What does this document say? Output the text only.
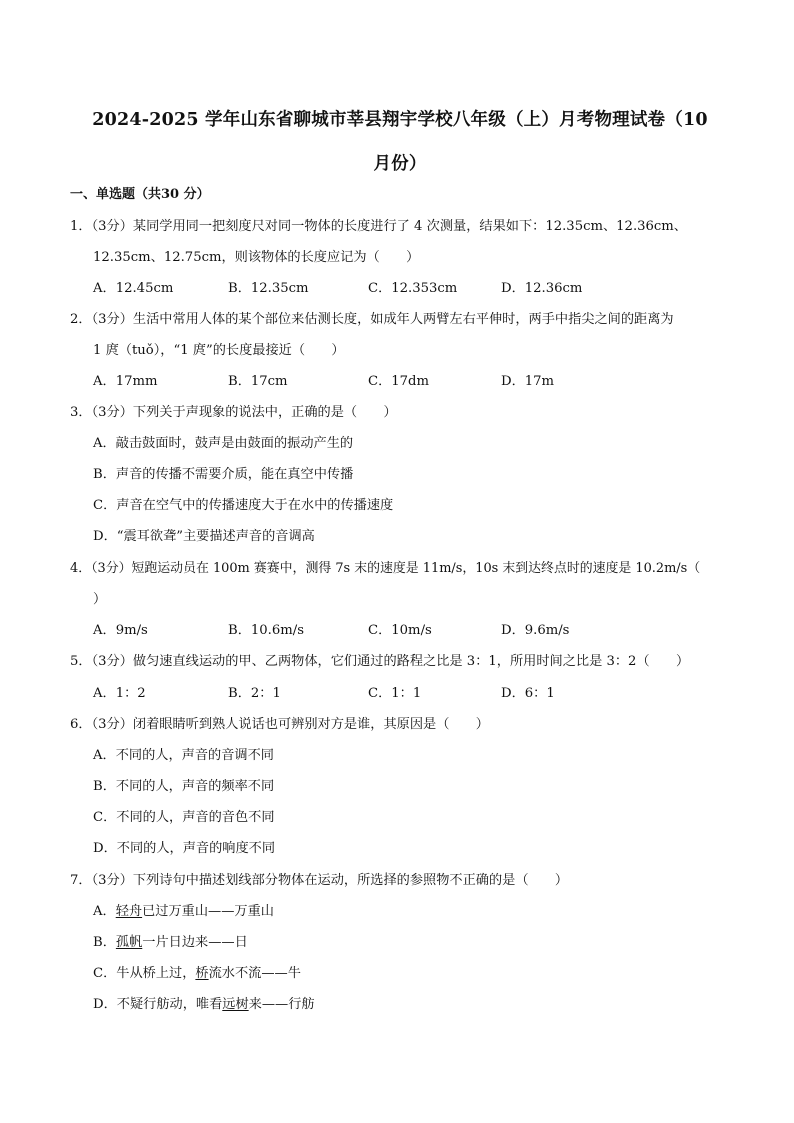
2024-2025 学年山东省聊城市莘县翔宇学校八年级（上）月考物理试卷（10
月份）
一、单选题（共30 分）
1．（3分）某同学用同一把刻度尺对同一物体的长度进行了 4 次测量，结果如下：12.35cm、12.36cm、
12.35cm、12.75cm，则该物体的长度应记为（　　）
A．12.45cm	B．12.35cm	C．12.353cm	D．12.36cm
2．（3分）生活中常用人体的某个部位来估测长度，如成年人两臂左右平伸时，两手中指尖之间的距离为
1 庹（tuǒ），“1 庹”的长度最接近（　　）
A．17mm	B．17cm	C．17dm	D．17m
3．（3分）下列关于声现象的说法中，正确的是（　　）
A．敲击鼓面时，鼓声是由鼓面的振动产生的
B．声音的传播不需要介质，能在真空中传播
C．声音在空气中的传播速度大于在水中的传播速度
D．“震耳欲聋”主要描述声音的音调高
4．（3分）短跑运动员在 100m 赛赛中，测得 7s 末的速度是 11m/s，10s 末到达终点时的速度是 10.2m/s（
）
A．9m/s	B．10.6m/s	C．10m/s	D．9.6m/s
5．（3分）做匀速直线运动的甲、乙两物体，它们通过的路程之比是 3：1，所用时间之比是 3：2（　　）
A．1：2	B．2：1	C．1：1	D．6：1
6．（3分）闭着眼睛听到熟人说话也可辨别对方是谁，其原因是（　　）
A．不同的人，声音的音调不同
B．不同的人，声音的频率不同
C．不同的人，声音的音色不同
D．不同的人，声音的响度不同
7．（3分）下列诗句中描述划线部分物体在运动，所选择的参照物不正确的是（　　）
A．轻舟已过万重山——万重山
B．孤帆一片日边来——日
C．牛从桥上过，桥流水不流——牛
D．不疑行舫动，唯看远树来——行舫
